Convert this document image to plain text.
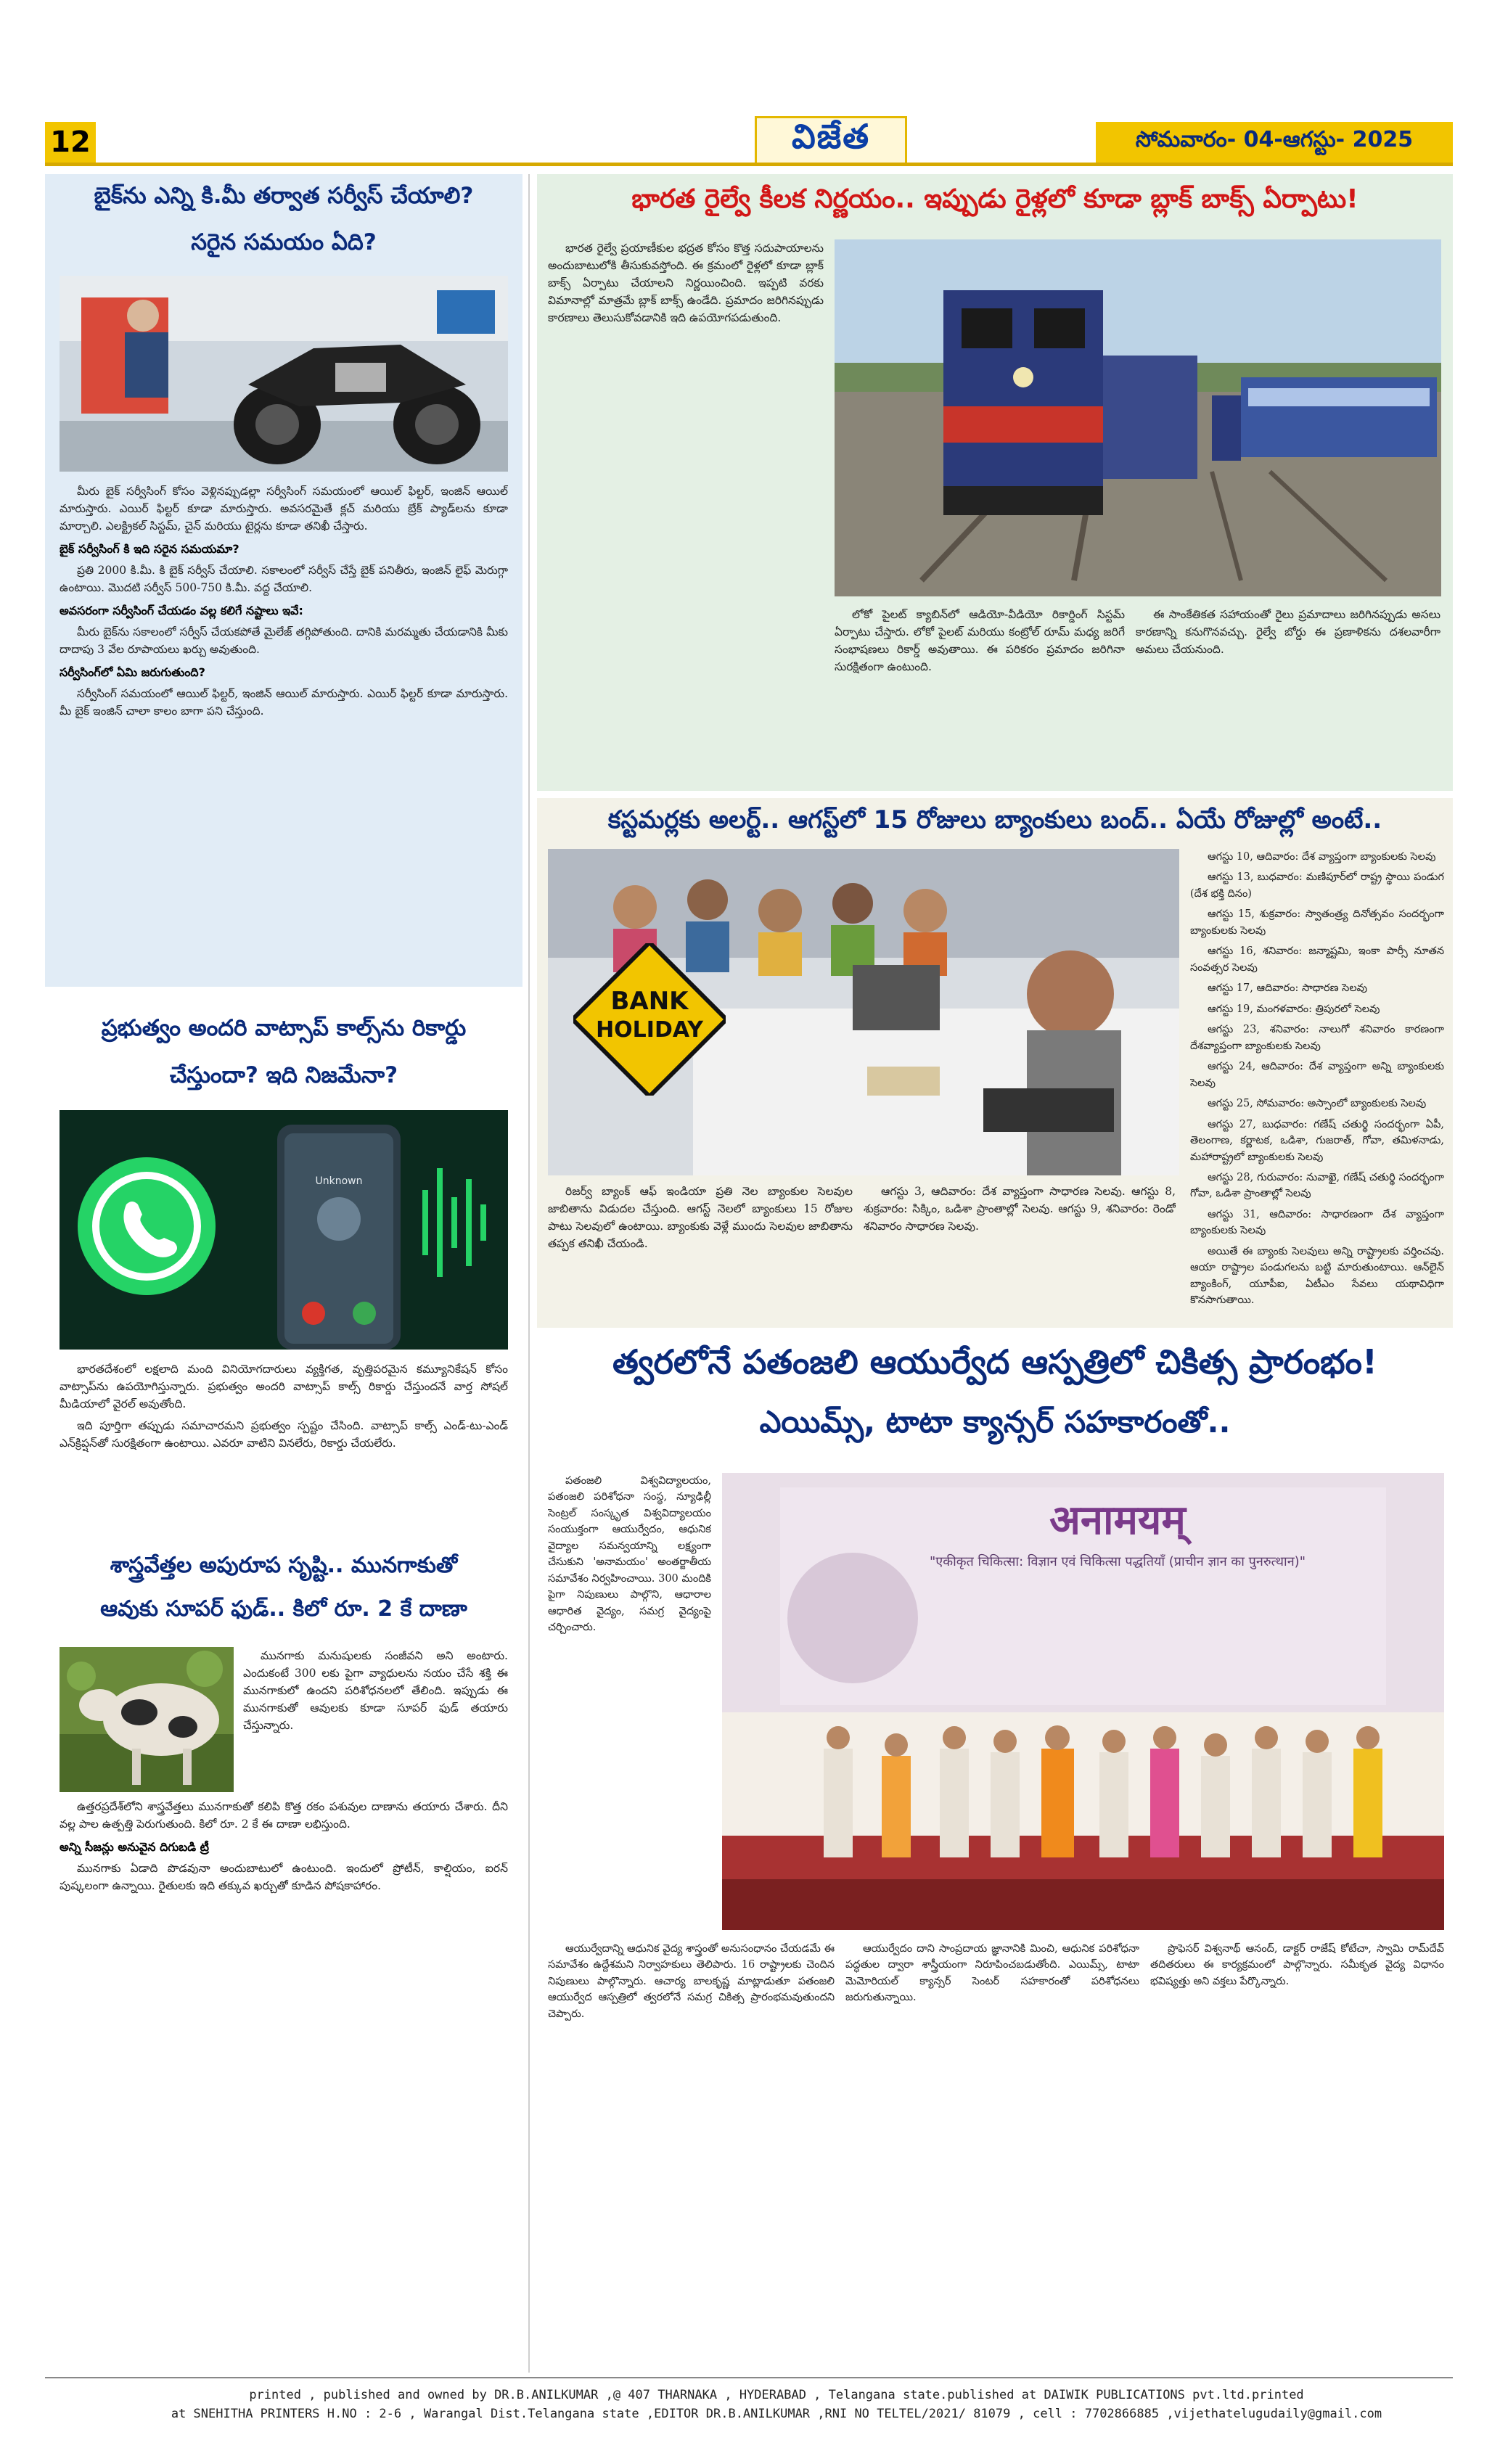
12	విజేత	సోమవారం- 04-ఆగస్టు- 2025
బైక్‌ను ఎన్ని కి.మీ తర్వాత సర్వీస్ చేయాలి?
సరైన సమయం ఏది?

మీరు బైక్ సర్వీసింగ్ కోసం వెళ్లినప్పుడల్లా సర్వీసింగ్ సమయంలో ఆయిల్ ఫిల్టర్, ఇంజిన్ ఆయిల్ మారుస్తారు. ఎయిర్ ఫిల్టర్ కూడా మారుస్తారు. అవసరమైతే క్లచ్ మరియు బ్రేక్ ప్యాడ్‌లను కూడా మార్చాలి. ఎలక్ట్రికల్ సిస్టమ్, చైన్ మరియు టైర్లను కూడా తనిఖీ చేస్తారు.

బైక్ సర్వీసింగ్ కి ఇది సరైన సమయమా?

ప్రతి 2000 కి.మీ. కి బైక్ సర్వీస్ చేయాలి. సకాలంలో సర్వీస్ చేస్తే బైక్ పనితీరు, ఇంజిన్ లైఫ్ మెరుగ్గా ఉంటాయి. మొదటి సర్వీస్ 500-750 కి.మీ. వద్ద చేయాలి.

అవసరంగా సర్వీసింగ్ చేయడం వల్ల కలిగే నష్టాలు ఇవే:

మీరు బైక్‌ను సకాలంలో సర్వీస్ చేయకపోతే మైలేజ్ తగ్గిపోతుంది. దానికి మరమ్మతు చేయడానికి మీకు దాదాపు 3 వేల రూపాయలు ఖర్చు అవుతుంది.

సర్వీసింగ్‌లో ఏమి జరుగుతుంది?

సర్వీసింగ్ సమయంలో ఆయిల్ ఫిల్టర్, ఇంజిన్ ఆయిల్ మారుస్తారు. ఎయిర్ ఫిల్టర్ కూడా మారుస్తారు. మీ బైక్ ఇంజిన్ చాలా కాలం బాగా పని చేస్తుంది.

ప్రభుత్వం అందరి వాట్సాప్ కాల్స్‌ను రికార్డు
చేస్తుందా? ఇది నిజమేనా?
Unknown

భారతదేశంలో లక్షలాది మంది వినియోగదారులు వ్యక్తిగత, వృత్తిపరమైన కమ్యూనికేషన్ కోసం వాట్సాప్‌ను ఉపయోగిస్తున్నారు. ప్రభుత్వం అందరి వాట్సాప్ కాల్స్ రికార్డు చేస్తుందనే వార్త సోషల్ మీడియాలో వైరల్ అవుతోంది.

ఇది పూర్తిగా తప్పుడు సమాచారమని ప్రభుత్వం స్పష్టం చేసింది. వాట్సాప్ కాల్స్ ఎండ్-టు-ఎండ్ ఎన్‌క్రిప్షన్‌తో సురక్షితంగా ఉంటాయి. ఎవరూ వాటిని వినలేరు, రికార్డు చేయలేరు.

శాస్త్రవేత్తల అపురూప సృష్టి.. మునగాకుతో
ఆవుకు సూపర్ ఫుడ్.. కిలో రూ. 2 కే దాణా

మునగాకు మనుషులకు సంజీవని అని అంటారు. ఎందుకంటే 300 లకు పైగా వ్యాధులను నయం చేసే శక్తి ఈ మునగాకులో ఉందని పరిశోధనలలో తేలింది. ఇప్పుడు ఈ మునగాకుతో ఆవులకు కూడా సూపర్ ఫుడ్ తయారు చేస్తున్నారు.

ఉత్తరప్రదేశ్‌లోని శాస్త్రవేత్తలు మునగాకుతో కలిపి కొత్త రకం పశువుల దాణాను తయారు చేశారు. దీని వల్ల పాల ఉత్పత్తి పెరుగుతుంది. కిలో రూ. 2 కే ఈ దాణా లభిస్తుంది.

అన్ని సీజన్లు అనువైన దిగుబడి ట్రీ

మునగాకు ఏడాది పొడవునా అందుబాటులో ఉంటుంది. ఇందులో ప్రోటీన్, కాల్షియం, ఐరన్ పుష్కలంగా ఉన్నాయి. రైతులకు ఇది తక్కువ ఖర్చుతో కూడిన పోషకాహారం.

భారత రైల్వే కీలక నిర్ణయం.. ఇప్పుడు రైళ్లలో కూడా బ్లాక్ బాక్స్ ఏర్పాటు!

భారత రైల్వే ప్రయాణీకుల భద్రత కోసం కొత్త సదుపాయాలను అందుబాటులోకి తీసుకువస్తోంది. ఈ క్రమంలో రైళ్లలో కూడా బ్లాక్ బాక్స్ ఏర్పాటు చేయాలని నిర్ణయించింది. ఇప్పటి వరకు విమానాల్లో మాత్రమే బ్లాక్ బాక్స్ ఉండేది. ప్రమాదం జరిగినప్పుడు కారణాలు తెలుసుకోవడానికి ఇది ఉపయోగపడుతుంది.

లోకో పైలట్ క్యాబిన్‌లో ఆడియో-వీడియో రికార్డింగ్ సిస్టమ్ ఏర్పాటు చేస్తారు. లోకో పైలట్ మరియు కంట్రోల్ రూమ్ మధ్య జరిగే సంభాషణలు రికార్డ్ అవుతాయి. ఈ పరికరం ప్రమాదం జరిగినా సురక్షితంగా ఉంటుంది.

ఈ సాంకేతికత సహాయంతో రైలు ప్రమాదాలు జరిగినప్పుడు అసలు కారణాన్ని కనుగొనవచ్చు. రైల్వే బోర్డు ఈ ప్రణాళికను దశలవారీగా అమలు చేయనుంది.

కస్టమర్లకు అలర్ట్.. ఆగస్ట్‌లో 15 రోజులు బ్యాంకులు బంద్.. ఏయే రోజుల్లో అంటే..
BANK
HOLIDAY

రిజర్వ్ బ్యాంక్ ఆఫ్ ఇండియా ప్రతి నెల బ్యాంకుల సెలవుల జాబితాను విడుదల చేస్తుంది. ఆగస్ట్ నెలలో బ్యాంకులు 15 రోజుల పాటు సెలవులో ఉంటాయి. బ్యాంకుకు వెళ్లే ముందు సెలవుల జాబితాను తప్పక తనిఖీ చేయండి.

ఆగస్టు 3, ఆదివారం: దేశ వ్యాప్తంగా సాధారణ సెలవు. ఆగస్టు 8, శుక్రవారం: సిక్కిం, ఒడిశా ప్రాంతాల్లో సెలవు. ఆగస్టు 9, శనివారం: రెండో శనివారం సాధారణ సెలవు.

ఆగస్టు 10, ఆదివారం: దేశ వ్యాప్తంగా బ్యాంకులకు సెలవు

ఆగస్టు 13, బుధవారం: మణిపూర్‌లో రాష్ట్ర స్థాయి పండుగ (దేశ భక్తి దినం)

ఆగస్టు 15, శుక్రవారం: స్వాతంత్ర్య దినోత్సవం సందర్భంగా బ్యాంకులకు సెలవు

ఆగస్టు 16, శనివారం: జన్మాష్టమి, ఇంకా పార్సీ నూతన సంవత్సర సెలవు

ఆగస్టు 17, ఆదివారం: సాధారణ సెలవు

ఆగస్టు 19, మంగళవారం: త్రిపురలో సెలవు

ఆగస్టు 23, శనివారం: నాలుగో శనివారం కారణంగా దేశవ్యాప్తంగా బ్యాంకులకు సెలవు

ఆగస్టు 24, ఆదివారం: దేశ వ్యాప్తంగా అన్ని బ్యాంకులకు సెలవు

ఆగస్టు 25, సోమవారం: అస్సాంలో బ్యాంకులకు సెలవు

ఆగస్టు 27, బుధవారం: గణేష్ చతుర్థి సందర్భంగా ఏపీ, తెలంగాణ, కర్ణాటక, ఒడిశా, గుజరాత్, గోవా, తమిళనాడు, మహారాష్ట్రలో బ్యాంకులకు సెలవు

ఆగస్టు 28, గురువారం: నువాఖై, గణేష్ చతుర్థి సందర్భంగా గోవా, ఒడిశా ప్రాంతాల్లో సెలవు

ఆగస్టు 31, ఆదివారం: సాధారణంగా దేశ వ్యాప్తంగా బ్యాంకులకు సెలవు

అయితే ఈ బ్యాంకు సెలవులు అన్ని రాష్ట్రాలకు వర్తించవు. ఆయా రాష్ట్రాల పండుగలను బట్టి మారుతుంటాయి. ఆన్‌లైన్ బ్యాంకింగ్, యూపీఐ, ఏటీఎం సేవలు యథావిధిగా కొనసాగుతాయి.

త్వరలోనే పతంజలి ఆయుర్వేద ఆస్పత్రిలో చికిత్స ప్రారంభం!
ఎయిమ్స్, టాటా క్యాన్సర్ సహకారంతో..

పతంజలి విశ్వవిద్యాలయం, పతంజలి పరిశోధనా సంస్థ, న్యూఢిల్లీ సెంట్రల్ సంస్కృత విశ్వవిద్యాలయం సంయుక్తంగా ఆయుర్వేదం, ఆధునిక వైద్యాల సమన్వయాన్ని లక్ష్యంగా చేసుకుని 'అనామయం' అంతర్జాతీయ సమావేశం నిర్వహించాయి. 300 మందికి పైగా నిపుణులు పాల్గొని, ఆధారాల ఆధారిత వైద్యం, సమగ్ర వైద్యంపై చర్చించారు.

अनामयम्
"एकीकृत चिकित्सा: विज्ञान एवं चिकित्सा पद्धतियाँ (प्राचीन ज्ञान का पुनरुत्थान)"

ఆయుర్వేదాన్ని ఆధునిక వైద్య శాస్త్రంతో అనుసంధానం చేయడమే ఈ సమావేశం ఉద్దేశమని నిర్వాహకులు తెలిపారు. 16 రాష్ట్రాలకు చెందిన నిపుణులు పాల్గొన్నారు. ఆచార్య బాలకృష్ణ మాట్లాడుతూ పతంజలి ఆయుర్వేద ఆస్పత్రిలో త్వరలోనే సమగ్ర చికిత్స ప్రారంభమవుతుందని చెప్పారు.

ఆయుర్వేదం దాని సాంప్రదాయ జ్ఞానానికి మించి, ఆధునిక పరిశోధనా పద్ధతుల ద్వారా శాస్త్రీయంగా నిరూపించబడుతోంది. ఎయిమ్స్, టాటా మెమోరియల్ క్యాన్సర్ సెంటర్ సహకారంతో పరిశోధనలు జరుగుతున్నాయి.

ప్రొఫెసర్ విశ్వనాథ్ ఆనంద్, డాక్టర్ రాజేష్ కోటేచా, స్వామి రామ్‌దేవ్ తదితరులు ఈ కార్యక్రమంలో పాల్గొన్నారు. సమీకృత వైద్య విధానం భవిష్యత్తు అని వక్తలు పేర్కొన్నారు.

printed , published and owned by DR.B.ANILKUMAR ,@ 407 THARNAKA , HYDERABAD , Telangana state.published at DAIWIK PUBLICATIONS pvt.ltd.printed
at SNEHITHA PRINTERS H.NO : 2-6 , Warangal Dist.Telangana state ,EDITOR DR.B.ANILKUMAR ,RNI NO TELTEL/2021/ 81079 , cell : 7702866885 ,vijethatelugudaily@gmail.com
